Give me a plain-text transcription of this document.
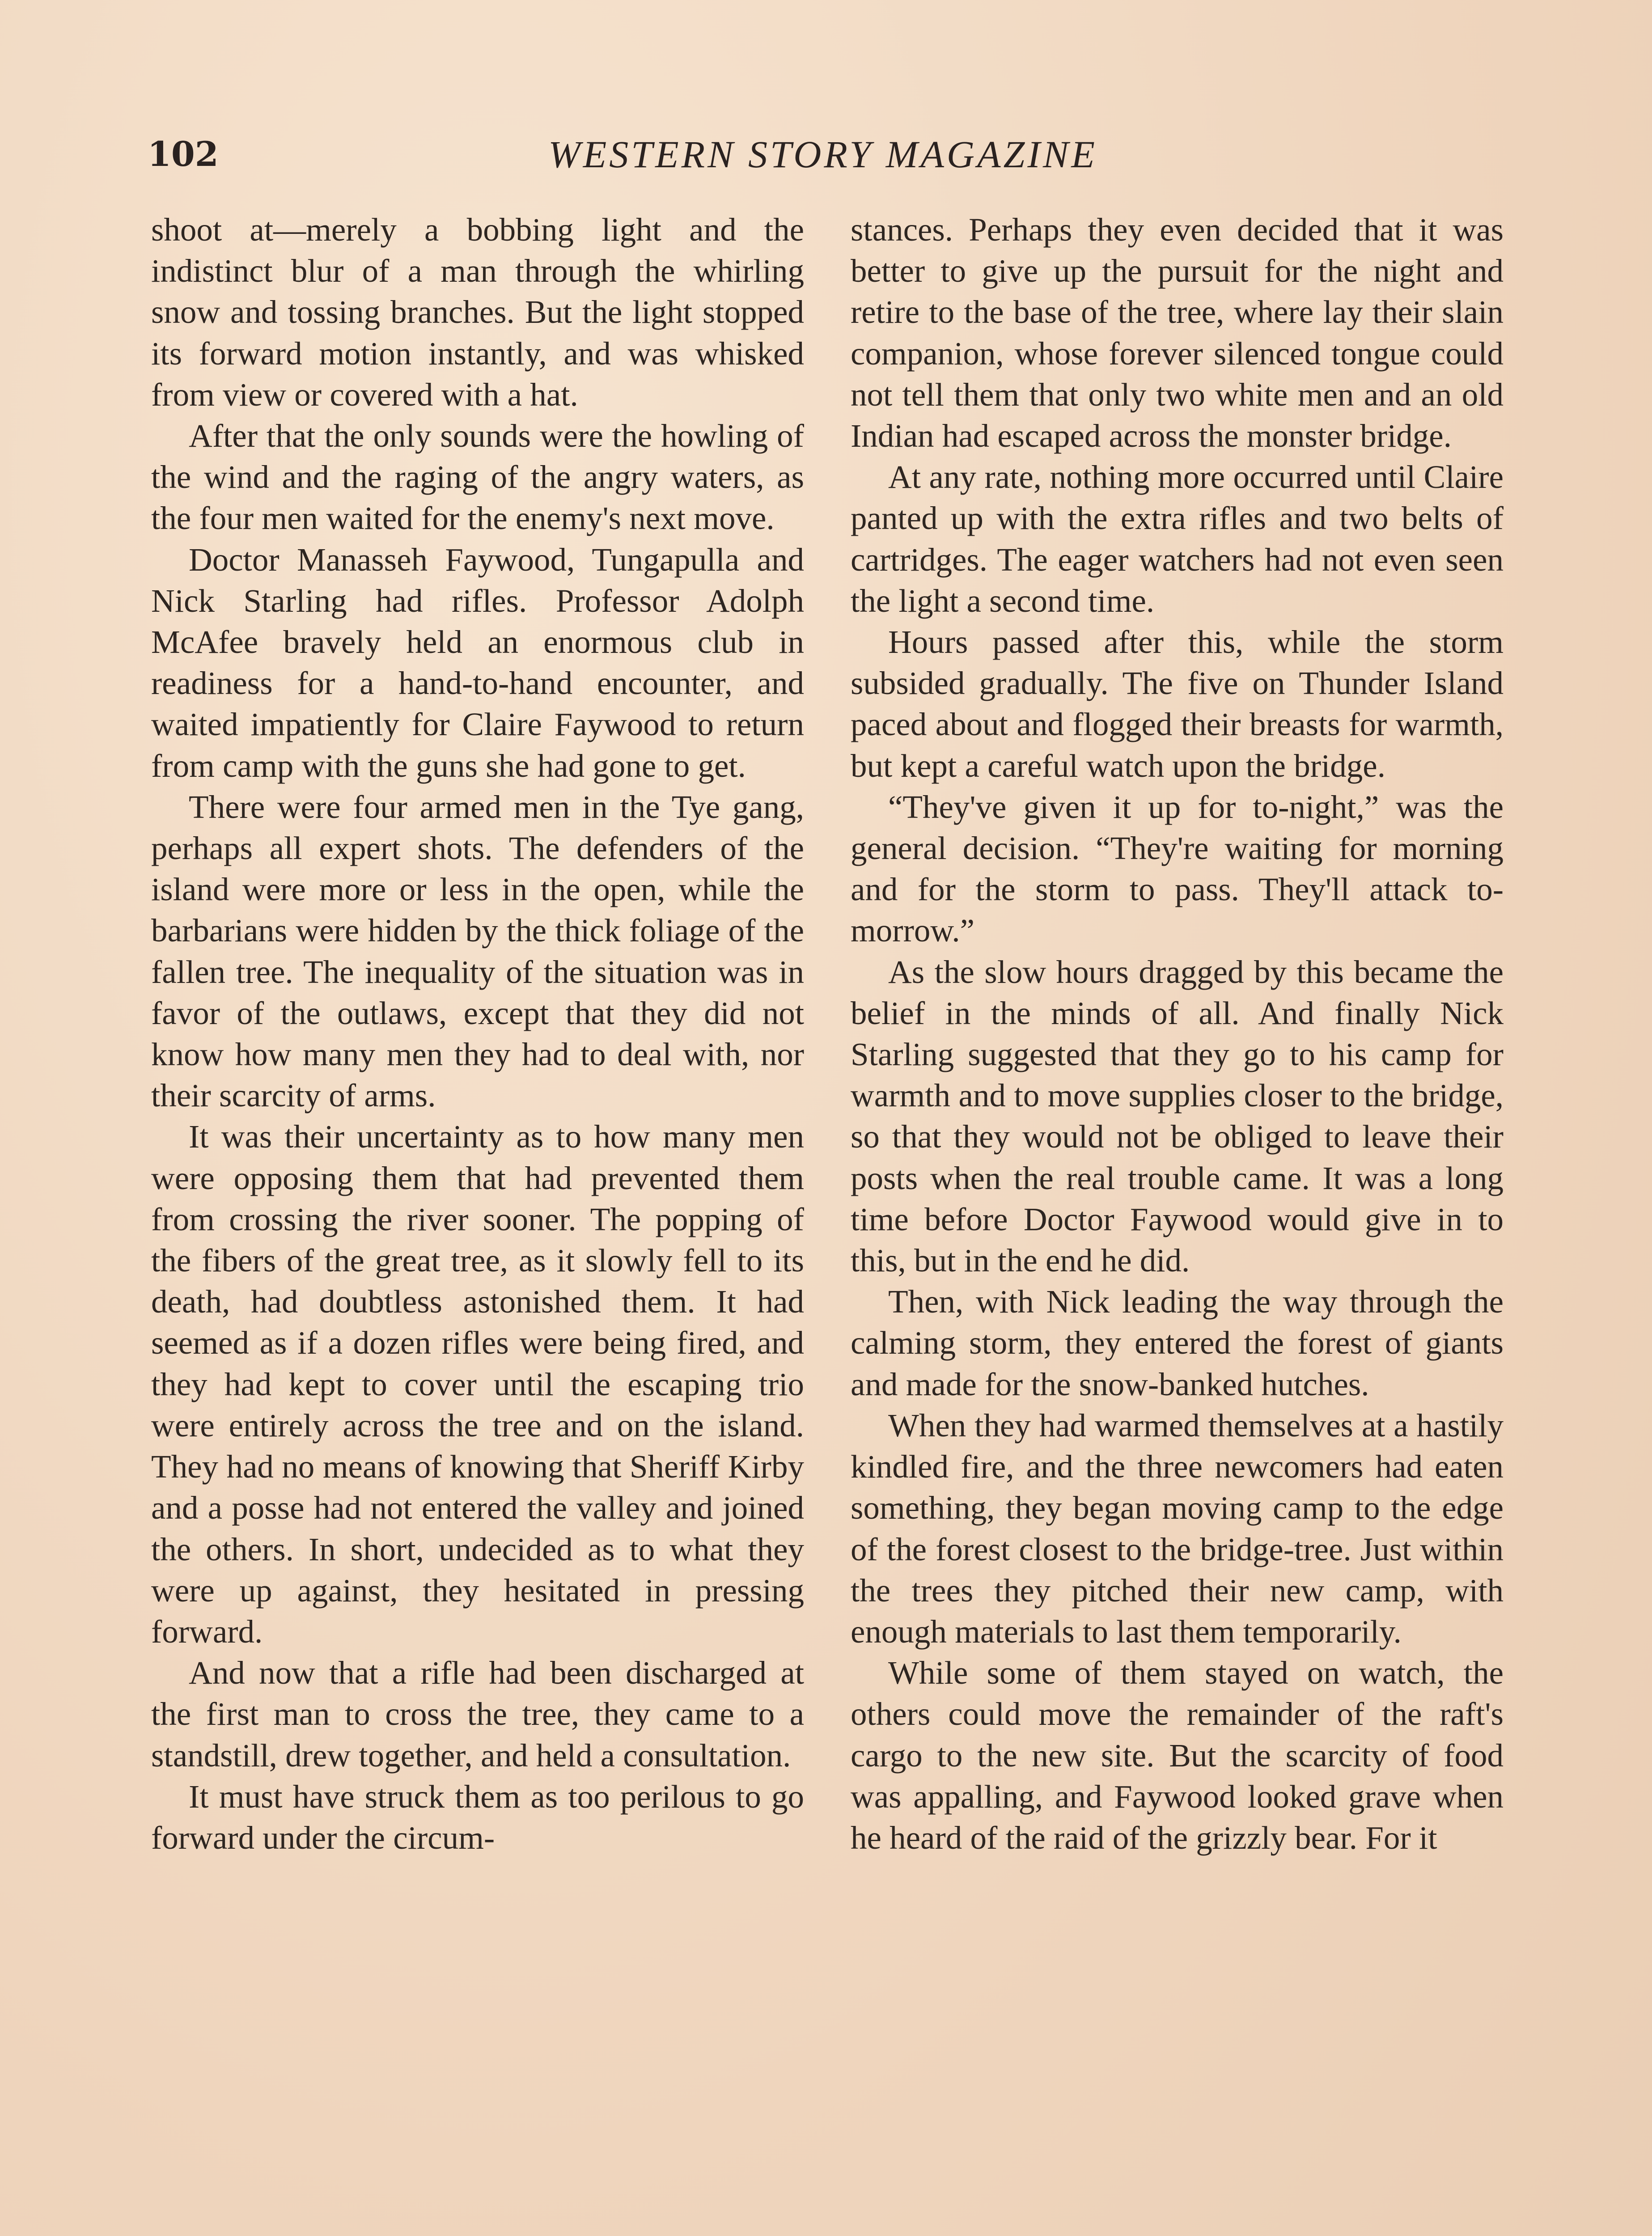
102	WESTERN STORY MAGAZINE

shoot at—merely a bobbing light and the indistinct blur of a man through the whirling snow and tossing branches. But the light stopped its forward motion instantly, and was whisked from view or covered with a hat.

After that the only sounds were the howling of the wind and the raging of the angry waters, as the four men waited for the enemy's next move.

Doctor Manasseh Faywood, Tungapulla and Nick Starling had rifles. Professor Adolph McAfee bravely held an enormous club in readiness for a hand-to-hand encounter, and waited impatiently for Claire Faywood to return from camp with the guns she had gone to get.

There were four armed men in the Tye gang, perhaps all expert shots. The defenders of the island were more or less in the open, while the barbarians were hidden by the thick foliage of the fallen tree. The inequality of the situation was in favor of the outlaws, except that they did not know how many men they had to deal with, nor their scarcity of arms.

It was their uncertainty as to how many men were opposing them that had prevented them from crossing the river sooner. The popping of the fibers of the great tree, as it slowly fell to its death, had doubtless astonished them. It had seemed as if a dozen rifles were being fired, and they had kept to cover until the escaping trio were entirely across the tree and on the island. They had no means of knowing that Sheriff Kirby and a posse had not entered the valley and joined the others. In short, undecided as to what they were up against, they hesitated in pressing forward.

And now that a rifle had been discharged at the first man to cross the tree, they came to a standstill, drew together, and held a consultation.

It must have struck them as too perilous to go forward under the circum-

stances. Perhaps they even decided that it was better to give up the pursuit for the night and retire to the base of the tree, where lay their slain companion, whose forever silenced tongue could not tell them that only two white men and an old Indian had escaped across the monster bridge.

At any rate, nothing more occurred until Claire panted up with the extra rifles and two belts of cartridges. The eager watchers had not even seen the light a second time.

Hours passed after this, while the storm subsided gradually. The five on Thunder Island paced about and flogged their breasts for warmth, but kept a careful watch upon the bridge.

“They've given it up for to-night,” was the general decision. “They're waiting for morning and for the storm to pass. They'll attack to-morrow.”

As the slow hours dragged by this became the belief in the minds of all. And finally Nick Starling suggested that they go to his camp for warmth and to move supplies closer to the bridge, so that they would not be obliged to leave their posts when the real trouble came. It was a long time before Doctor Faywood would give in to this, but in the end he did.

Then, with Nick leading the way through the calming storm, they entered the forest of giants and made for the snow-banked hutches.

When they had warmed themselves at a hastily kindled fire, and the three newcomers had eaten something, they began moving camp to the edge of the forest closest to the bridge-tree. Just within the trees they pitched their new camp, with enough materials to last them temporarily.

While some of them stayed on watch, the others could move the remainder of the raft's cargo to the new site. But the scarcity of food was appalling, and Faywood looked grave when he heard of the raid of the grizzly bear. For it
